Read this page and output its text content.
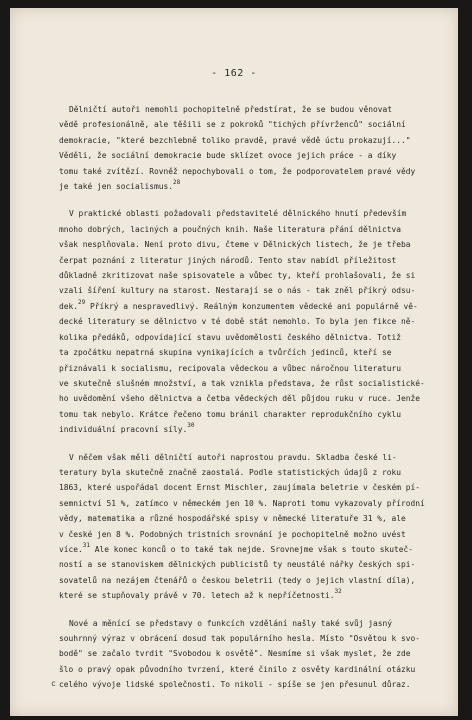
- 162 -
Dělničtí autoři nemohli pochopitelně předstírat, že se budou věnovat
vědě profesionálně, ale těšili se z pokroků "tichých přívrženců" sociální
demokracie, "které bezchlebně toliko pravdě, pravé vědě úctu prokazují..."
Věděli, že sociální demokracie bude sklízet ovoce jejich práce - a díky
tomu také zvítězí. Rovněž nepochybovali o tom, že podporovatelem pravé vědy
je také jen socialismus.$^{28}$
V praktické oblasti požadovali představitelé dělnického hnutí především
mnoho dobrých, laciných a poučných knih. Naše literatura přání dělnictva
však nesplňovala. Není proto divu, čteme v Dělnických listech, že je třeba
čerpat poznání z literatur jiných národů. Tento stav nabídl příležitost
důkladně zkritizovat naše spisovatele a vůbec ty, kteří prohlašovali, že si
vzali šíření kultury na starost. Nestarají se o nás - tak zněl příkrý odsu-
dek.$^{29}$ Příkrý a nespravedlivý. Reálným konzumentem vědecké ani populárně vě-
decké literatury se dělnictvo v té době stát nemohlo. To byla jen fikce ně-
kolika předáků, odpovídající stavu uvědomělosti českého dělnictva. Totiž
ta zpočátku nepatrná skupina vynikajících a tvůrčích jedinců, kteří se
přiznávali k socialismu, recipovala vědeckou a vůbec náročnou literaturu
ve skutečně slušném množství, a tak vznikla představa, že růst socialistické-
ho uvědomění všeho dělnictva a četba vědeckých děl půjdou ruku v ruce. Jenže
tomu tak nebylo. Krátce řečeno tomu bránil charakter reprodukčního cyklu
individuální pracovní síly.$^{30}$
V něčem však měli dělničtí autoři naprostou pravdu. Skladba české li-
teratury byla skutečně značně zaostalá. Podle statistických údajů z roku
1863, které uspořádal docent Ernst Mischler, zaujímala beletrie v českém pí-
semnictví 51 %, zatímco v německém jen 10 %. Naproti tomu vykazovaly přírodní
vědy, matematika a různé hospodářské spisy v německé literatuře 31 %, ale
v české jen 8 %. Podobných tristních srovnání je pochopitelně možno uvést
více.$^{31}$ Ale konec konců o to také tak nejde. Srovnejme však s touto skuteč-
ností a se stanoviskem dělnických publicistů ty neustálé nářky českých spi-
sovatelů na nezájem čtenářů o českou beletrii (tedy o jejich vlastní díla),
které se stupňovaly právě v 70. letech až k nepříčetnosti.$^{32}$
Nové a měnící se představy o funkcích vzdělání našly také svůj jasný
souhrnný výraz v obrácení dosud tak populárního hesla. Místo "Osvětou k svo-
bodě" se začalo tvrdit "Svobodou k osvětě". Nesmíme si však myslet, že zde
šlo o pravý opak původního tvrzení, které činilo z osvěty kardinální otázku
celého vývoje lidské společnosti. To nikoli - spíše se jen přesunul důraz.
c
